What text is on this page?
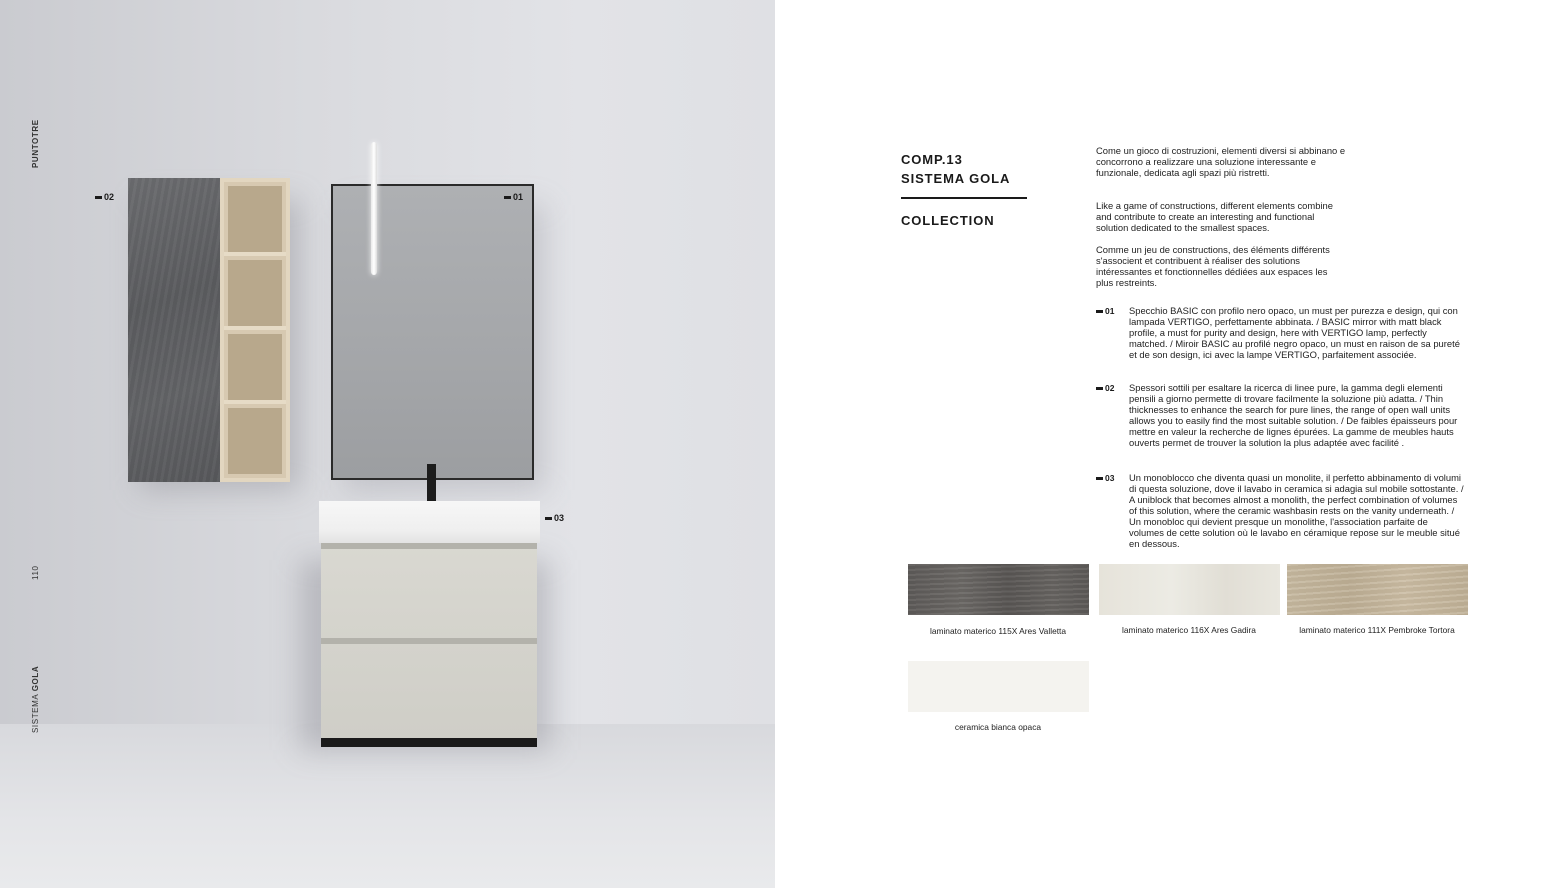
PUNTOTRE
110
SISTEMA GOLA
02	01
03
COMP.13
SISTEMA GOLA
COLLECTION
Come un gioco di costruzioni, elementi diversi si abbinano e concorrono a realizzare una soluzione interessante e funzionale, dedicata agli spazi più ristretti.
Like a game of constructions, different elements combine and contribute to create an interesting and functional solution dedicated to the smallest spaces.
Comme un jeu de constructions, des éléments différents s'associent et contribuent à réaliser des solutions intéressantes et fonctionnelles dédiées aux espaces les plus restreints.
01 Specchio BASIC con profilo nero opaco, un must per purezza e design, qui con lampada VERTIGO, perfettamente abbinata. / BASIC mirror with matt black profile, a must for purity and design, here with VERTIGO lamp, perfectly matched. / Miroir BASIC au profilé negro opaco, un must en raison de sa pureté et de son design, ici avec la lampe VERTIGO, parfaitement associée.
02 Spessori sottili per esaltare la ricerca di linee pure, la gamma degli elementi pensili a giorno permette di trovare facilmente la soluzione più adatta. / Thin thicknesses to enhance the search for pure lines, the range of open wall units allows you to easily find the most suitable solution. / De faibles épaisseurs pour mettre en valeur la recherche de lignes épurées. La gamme de meubles hauts ouverts permet de trouver la solution la plus adaptée avec facilité .
03 Un monoblocco che diventa quasi un monolite, il perfetto abbinamento di volumi di questa soluzione, dove il lavabo in ceramica si adagia sul mobile sottostante. / A uniblock that becomes almost a monolith, the perfect combination of volumes of this solution, where the ceramic washbasin rests on the vanity underneath. / Un monobloc qui devient presque un monolithe, l'association parfaite de volumes de cette solution où le lavabo en céramique repose sur le meuble situé en dessous.
laminato materico 115X Ares Valletta	laminato materico 116X Ares Gadira	laminato materico 111X Pembroke Tortora
ceramica bianca opaca
